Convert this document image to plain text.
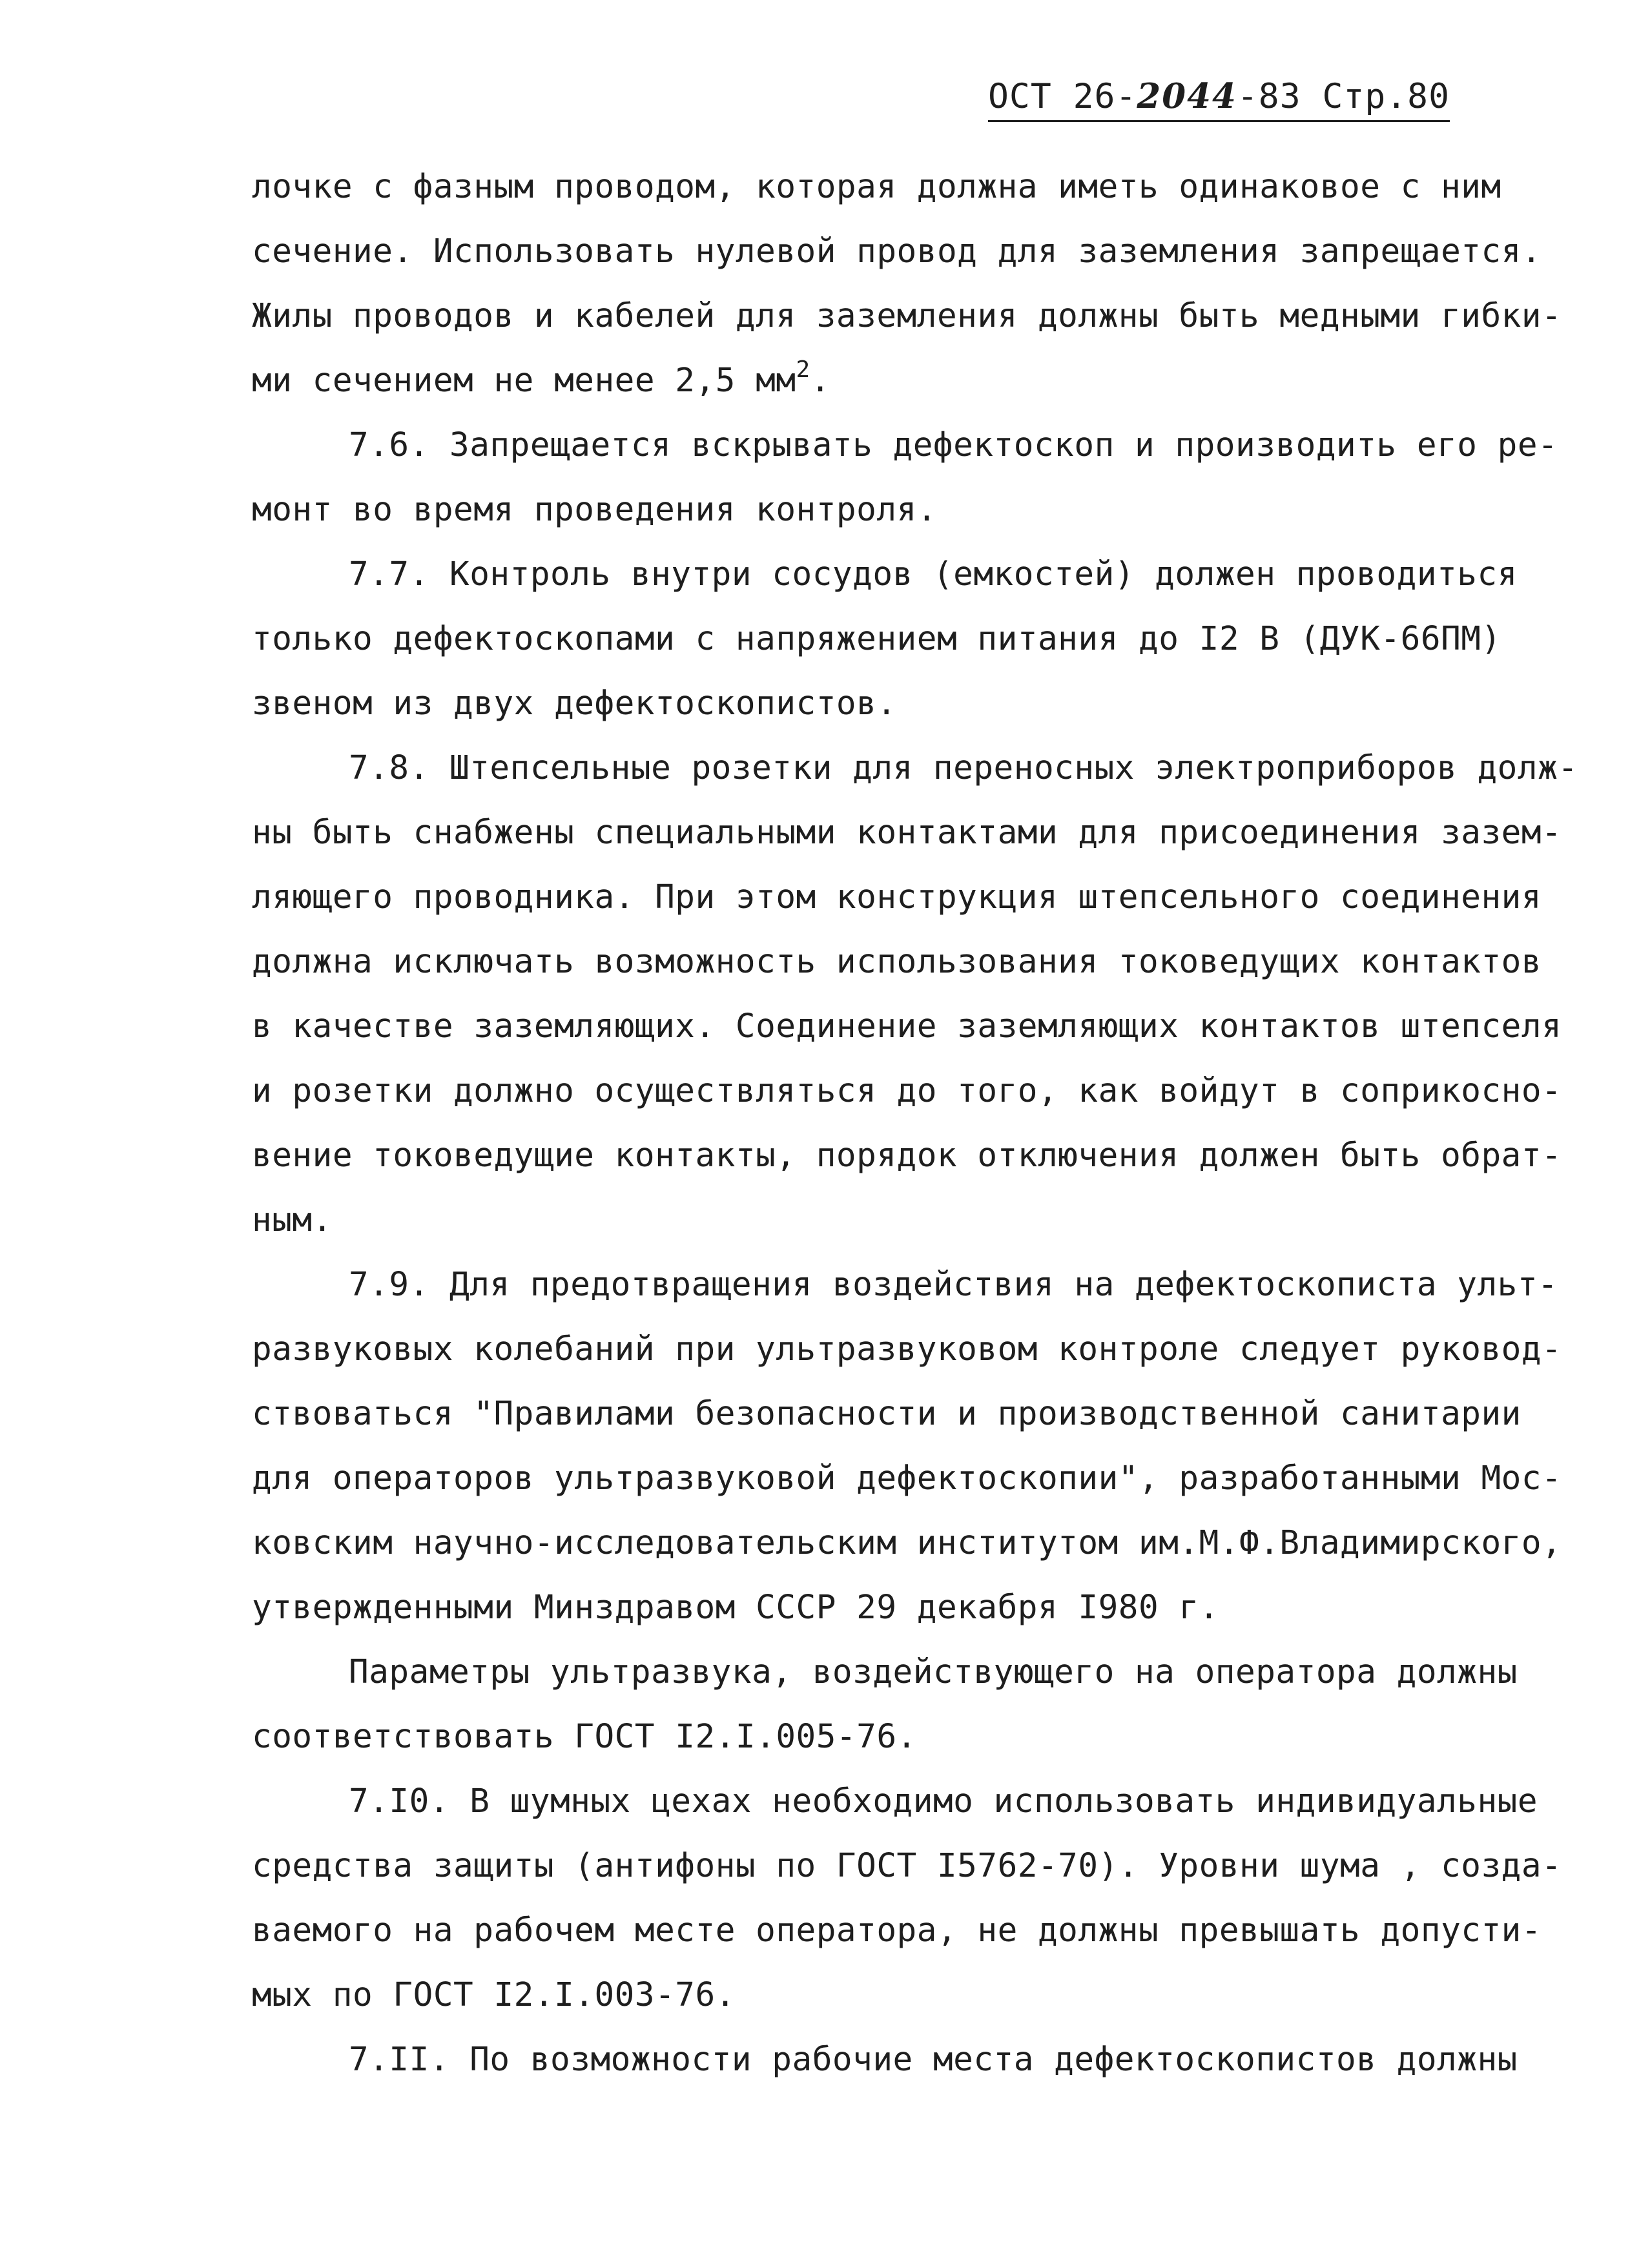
ОСТ 26-2044-83 Стр.80
лочке с фазным проводом, которая должна иметь одинаковое с ним
сечение. Использовать нулевой провод для заземления запрещается.
Жилы проводов и кабелей для заземления должны быть медными гибки-
ми сечением не менее 2,5 $мм^2$.
7.6. Запрещается вскрывать дефектоскоп и производить его ре-
монт во время проведения контроля.
7.7. Контроль внутри сосудов (емкостей) должен проводиться
только дефектоскопами с напряжением питания до I2 В (ДУК-66ПМ)
звеном из двух дефектоскопистов.
7.8. Штепсельные розетки для переносных электроприборов долж-
ны быть снабжены специальными контактами для присоединения зазем-
ляющего проводника. При этом конструкция штепсельного соединения
должна исключать возможность использования токоведущих контактов
в качестве заземляющих. Соединение заземляющих контактов штепселя
и розетки должно осуществляться до того, как войдут в соприкосно-
вение токоведущие контакты, порядок отключения должен быть обрат-
ным.
7.9. Для предотвращения воздействия на дефектоскописта ульт-
развуковых колебаний при ультразвуковом контроле следует руковод-
ствоваться "Правилами безопасности и производственной санитарии
для операторов ультразвуковой дефектоскопии", разработанными Мос-
ковским научно-исследовательским институтом им.М.Ф.Владимирского,
утвержденными Минздравом СССР 29 декабря I980 г.
Параметры ультразвука, воздействующего на оператора должны
соответствовать ГОСТ I2.I.005-76.
7.I0. В шумных цехах необходимо использовать индивидуальные
средства защиты (антифоны по ГОСТ I5762-70). Уровни шума , созда-
ваемого на рабочем месте оператора, не должны превышать допусти-
мых по ГОСТ I2.I.003-76.
7.II. По возможности рабочие места дефектоскопистов должны
